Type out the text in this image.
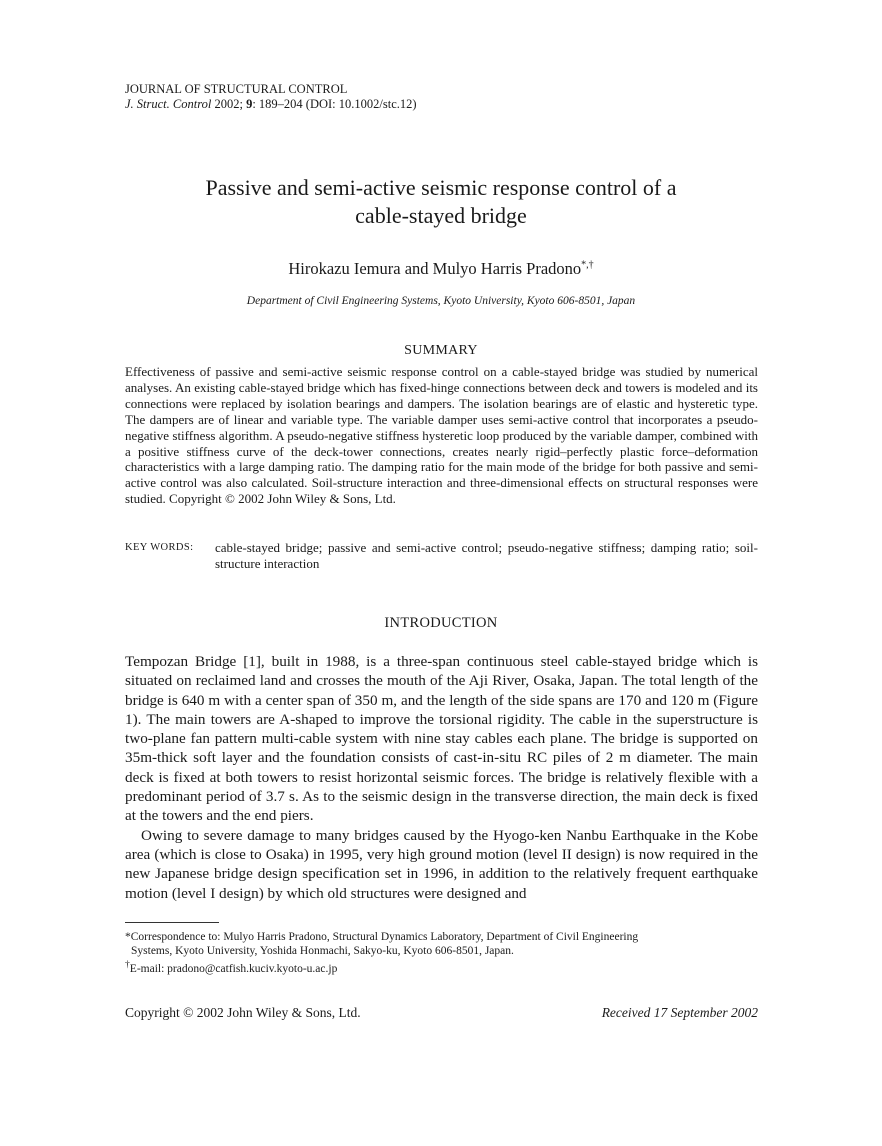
JOURNAL OF STRUCTURAL CONTROL
J. Struct. Control 2002; 9: 189–204 (DOI: 10.1002/stc.12)
Passive and semi-active seismic response control of a
cable-stayed bridge
Hirokazu Iemura and Mulyo Harris Pradono*,†
Department of Civil Engineering Systems, Kyoto University, Kyoto 606-8501, Japan
SUMMARY
Effectiveness of passive and semi-active seismic response control on a cable-stayed bridge was studied by numerical analyses. An existing cable-stayed bridge which has fixed-hinge connections between deck and towers is modeled and its connections were replaced by isolation bearings and dampers. The isolation bearings are of elastic and hysteretic type. The dampers are of linear and variable type. The variable damper uses semi-active control that incorporates a pseudo-negative stiffness algorithm. A pseudo-negative stiffness hysteretic loop produced by the variable damper, combined with a positive stiffness curve of the deck-tower connections, creates nearly rigid–perfectly plastic force–deformation characteristics with a large damping ratio. The damping ratio for the main mode of the bridge for both passive and semi-active control was also calculated. Soil-structure interaction and three-dimensional effects on structural responses were studied. Copyright © 2002 John Wiley & Sons, Ltd.
KEY WORDS: cable-stayed bridge; passive and semi-active control; pseudo-negative stiffness; damping ratio; soil-structure interaction
INTRODUCTION

Tempozan Bridge [1], built in 1988, is a three-span continuous steel cable-stayed bridge which is situated on reclaimed land and crosses the mouth of the Aji River, Osaka, Japan. The total length of the bridge is 640 m with a center span of 350 m, and the length of the side spans are 170 and 120 m (Figure 1). The main towers are A-shaped to improve the torsional rigidity. The cable in the superstructure is two-plane fan pattern multi-cable system with nine stay cables each plane. The bridge is supported on 35m-thick soft layer and the foundation consists of cast-in-situ RC piles of 2 m diameter. The main deck is fixed at both towers to resist horizontal seismic forces. The bridge is relatively flexible with a predominant period of 3.7 s. As to the seismic design in the transverse direction, the main deck is fixed at the towers and the end piers.

Owing to severe damage to many bridges caused by the Hyogo-ken Nanbu Earthquake in the Kobe area (which is close to Osaka) in 1995, very high ground motion (level II design) is now required in the new Japanese bridge design specification set in 1996, in addition to the relatively frequent earthquake motion (level I design) by which old structures were designed and

*Correspondence to: Mulyo Harris Pradono, Structural Dynamics Laboratory, Department of Civil Engineering

Systems, Kyoto University, Yoshida Honmachi, Sakyo-ku, Kyoto 606-8501, Japan.

†E-mail: pradono@catfish.kuciv.kyoto-u.ac.jp

Copyright © 2002 John Wiley & Sons, Ltd.	Received 17 September 2002
